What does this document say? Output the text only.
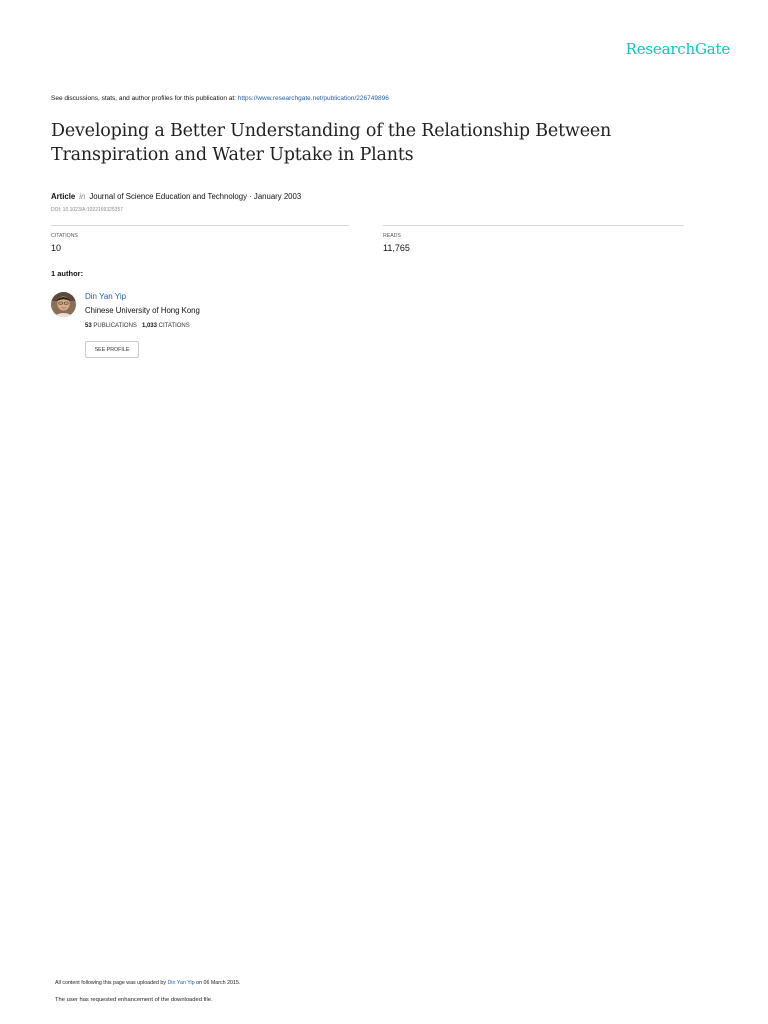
ResearchGate
See discussions, stats, and author profiles for this publication at: https://www.researchgate.net/publication/226749896
Developing a Better Understanding of the Relationship Between Transpiration and Water Uptake in Plants
Article in Journal of Science Education and Technology · January 2003
DOI: 10.1023/A:1022169325357
CITATIONS
10
READS
11,765
1 author:
Din Yan Yip
Chinese University of Hong Kong
53 PUBLICATIONS 1,033 CITATIONS
SEE PROFILE
All content following this page was uploaded by Din Yan Yip on 06 March 2015.
The user has requested enhancement of the downloaded file.
